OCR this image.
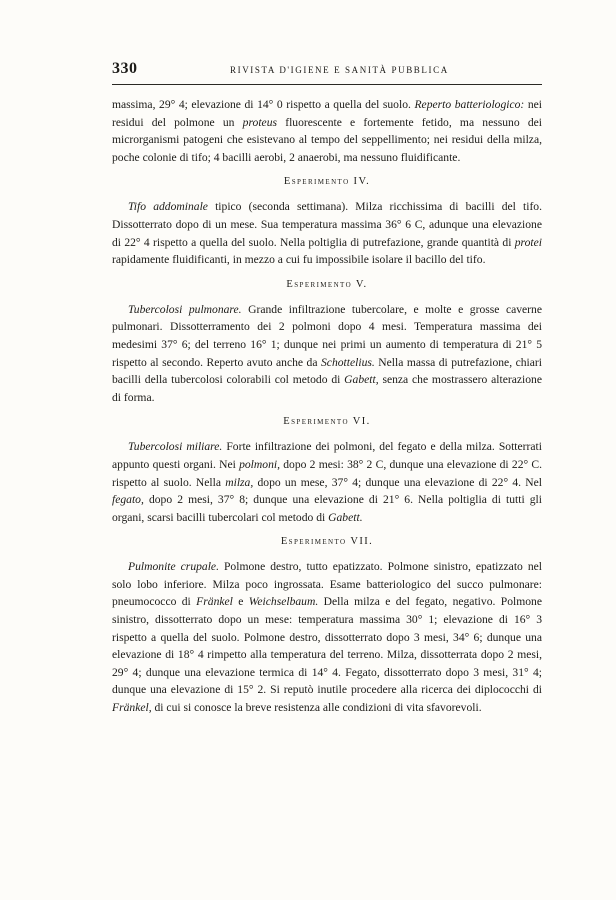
330	RIVISTA D'IGIENE E SANITÀ PUBBLICA

massima, 29° 4; elevazione di 14° 0 rispetto a quella del suolo. Reperto batteriologico: nei residui del polmone un proteus fluorescente e fortemente fetido, ma nessuno dei microrganismi patogeni che esistevano al tempo del seppellimento; nei residui della milza, poche colonie di tifo; 4 bacilli aerobi, 2 anaerobi, ma nessuno fluidificante.

Esperimento IV.

Tifo addominale tipico (seconda settimana). Milza ricchissima di bacilli del tifo. Dissotterrato dopo di un mese. Sua temperatura massima 36° 6 C, adunque una elevazione di 22° 4 rispetto a quella del suolo. Nella poltiglia di putrefazione, grande quantità di protei rapidamente fluidificanti, in mezzo a cui fu impossibile isolare il bacillo del tifo.

Esperimento V.

Tubercolosi pulmonare. Grande infiltrazione tubercolare, e molte e grosse caverne pulmonari. Dissotterramento dei 2 polmoni dopo 4 mesi. Temperatura massima dei medesimi 37° 6; del terreno 16° 1; dunque nei primi un aumento di temperatura di 21° 5 rispetto al secondo. Reperto avuto anche da Schottelius. Nella massa di putrefazione, chiari bacilli della tubercolosi colorabili col metodo di Gabett, senza che mostrassero alterazione di forma.

Esperimento VI.

Tubercolosi miliare. Forte infiltrazione dei polmoni, del fegato e della milza. Sotterrati appunto questi organi. Nei polmoni, dopo 2 mesi: 38° 2 C, dunque una elevazione di 22° C. rispetto al suolo. Nella milza, dopo un mese, 37° 4; dunque una elevazione di 22° 4. Nel fegato, dopo 2 mesi, 37° 8; dunque una elevazione di 21° 6. Nella poltiglia di tutti gli organi, scarsi bacilli tubercolari col metodo di Gabett.

Esperimento VII.

Pulmonite crupale. Polmone destro, tutto epatizzato. Polmone sinistro, epatizzato nel solo lobo inferiore. Milza poco ingrossata. Esame batteriologico del succo pulmonare: pneumococco di Fränkel e Weichselbaum. Della milza e del fegato, negativo. Polmone sinistro, dissotterrato dopo un mese: temperatura massima 30° 1; elevazione di 16° 3 rispetto a quella del suolo. Polmone destro, dissotterrato dopo 3 mesi, 34° 6; dunque una elevazione di 18° 4 rimpetto alla temperatura del terreno. Milza, dissotterrata dopo 2 mesi, 29° 4; dunque una elevazione termica di 14° 4. Fegato, dissotterrato dopo 3 mesi, 31° 4; dunque una elevazione di 15° 2. Si reputò inutile procedere alla ricerca dei diplococchi di Fränkel, di cui si conosce la breve resistenza alle condizioni di vita sfavorevoli.
